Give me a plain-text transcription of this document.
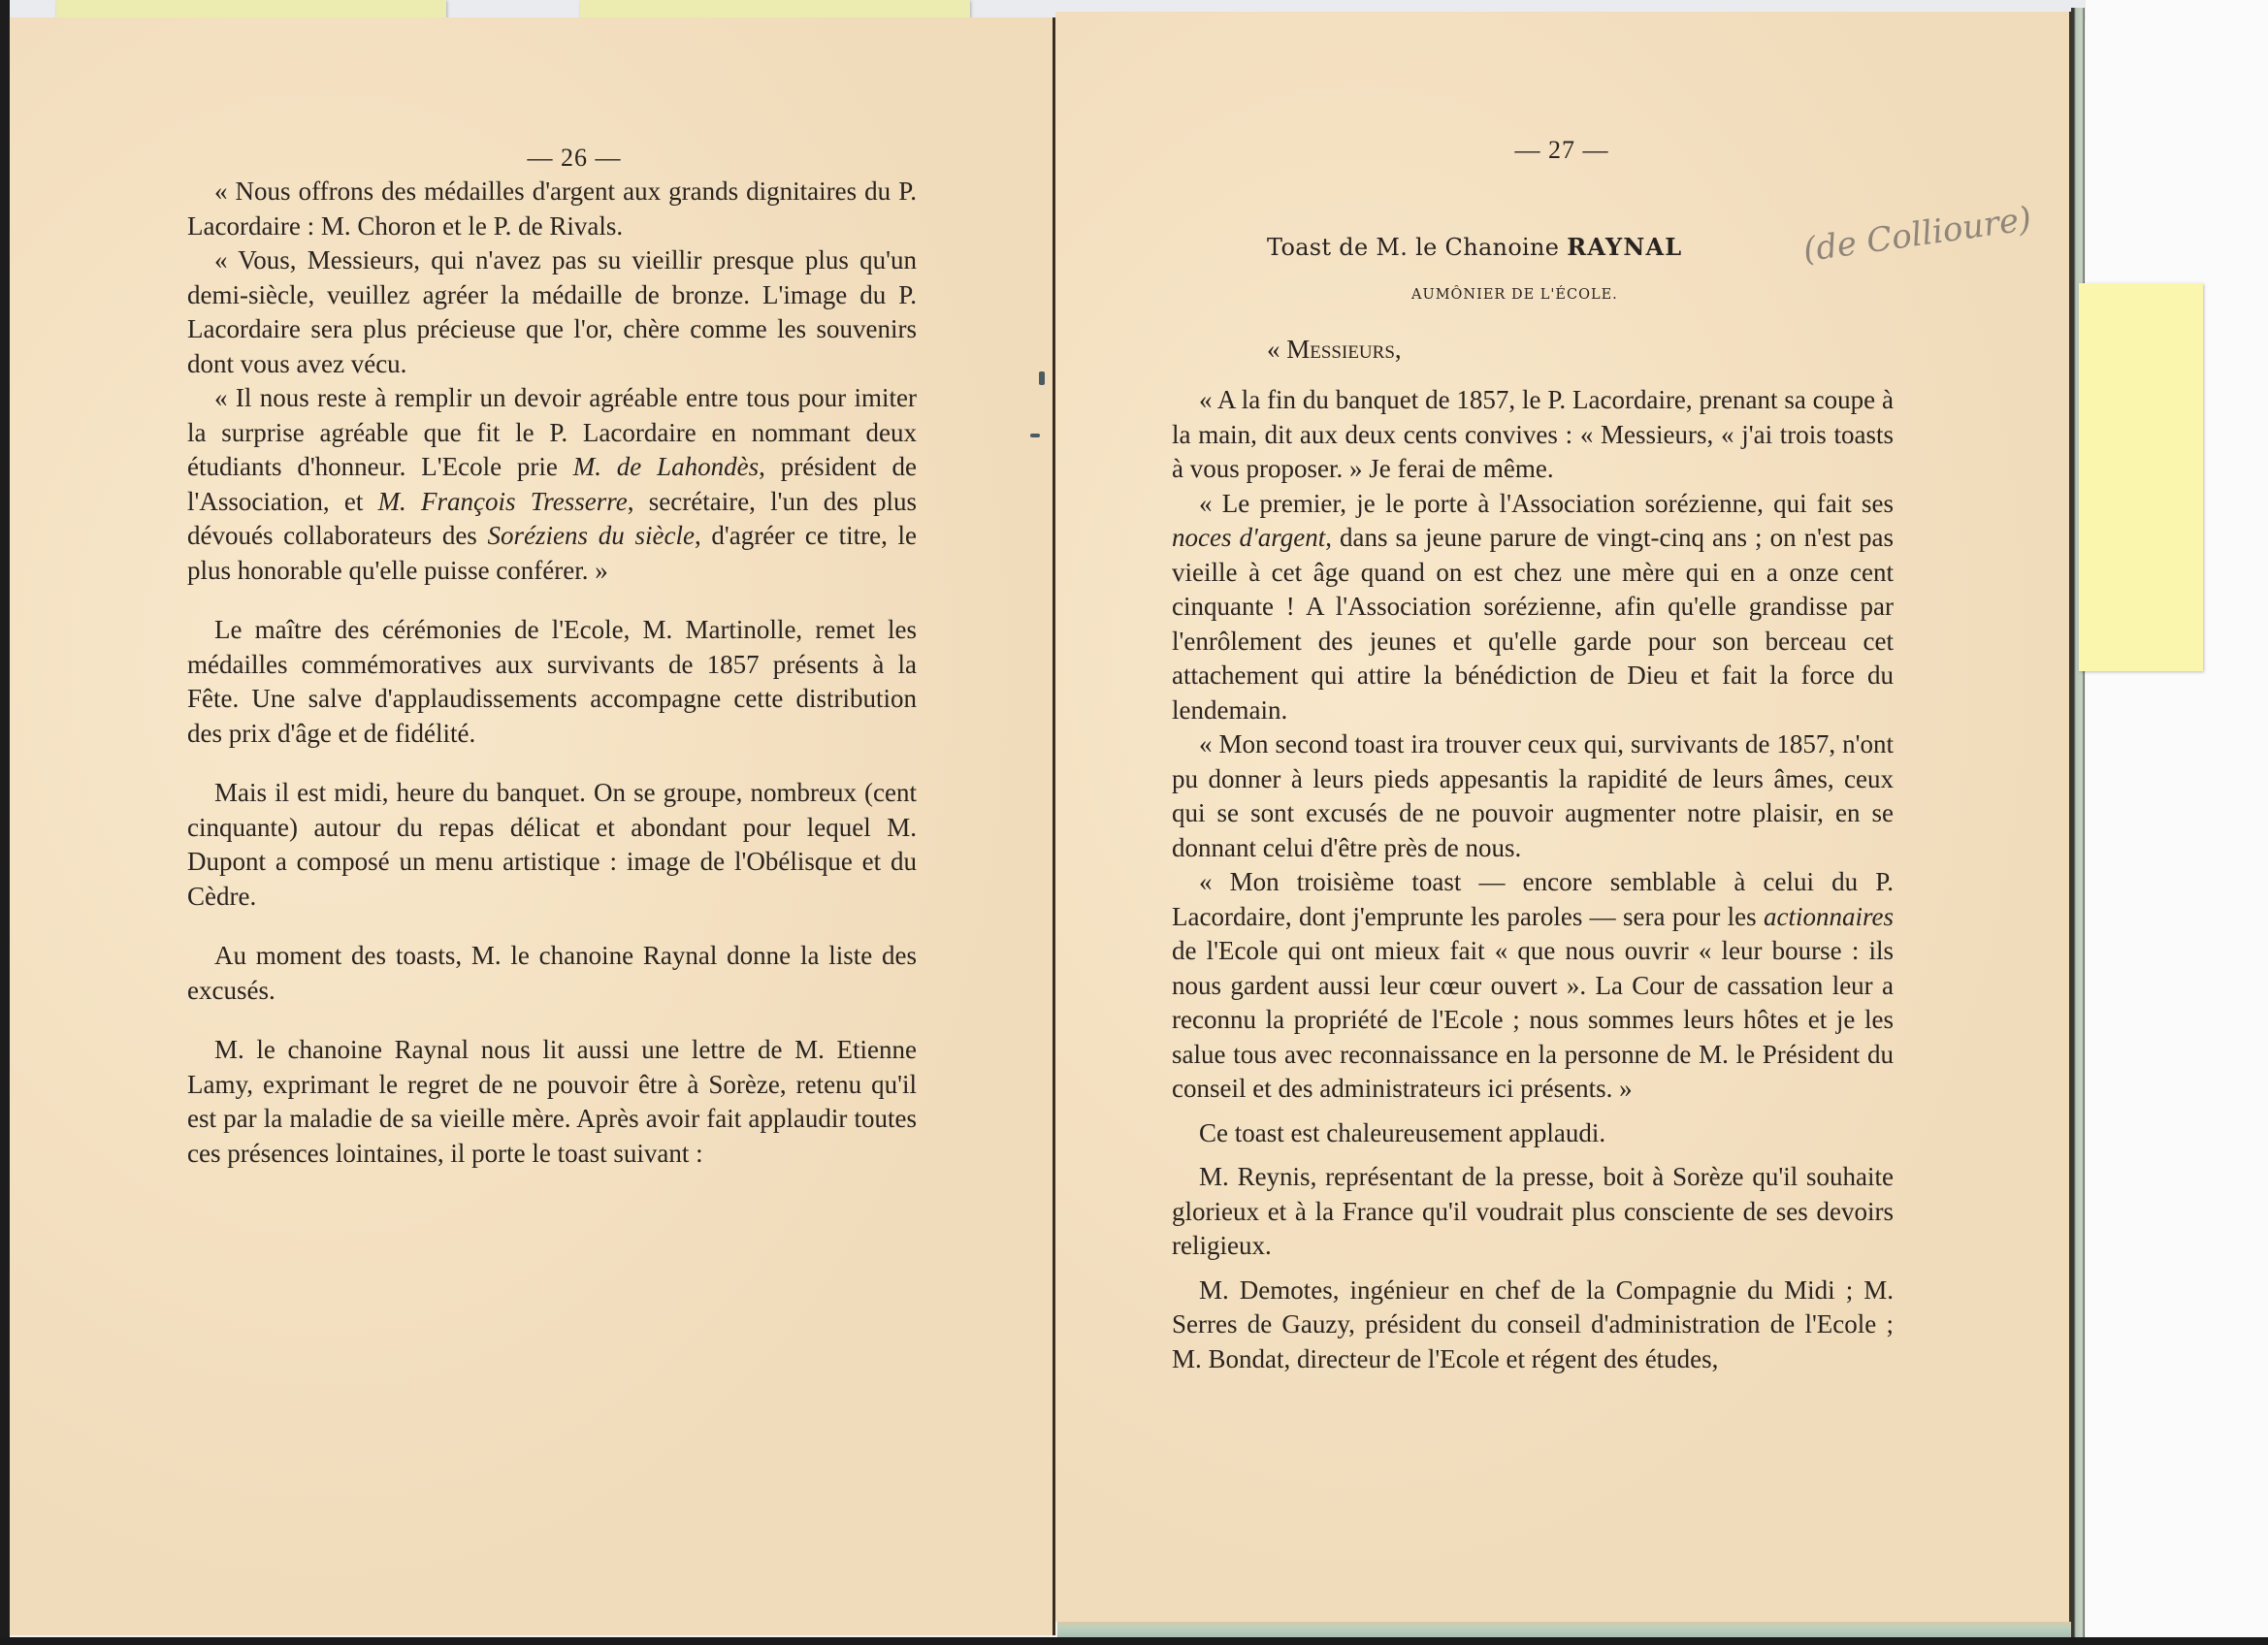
— 26 —	— 27 —

« Nous offrons des médailles d'argent aux grands dignitaires du P. Lacordaire : M. Choron et le P. de Rivals.

« Vous, Messieurs, qui n'avez pas su vieillir presque plus qu'un demi-siècle, veuillez agréer la médaille de bronze. L'image du P. Lacordaire sera plus précieuse que l'or, chère comme les souvenirs dont vous avez vécu.

« Il nous reste à remplir un devoir agréable entre tous pour imiter la surprise agréable que fit le P. Lacordaire en nommant deux étudiants d'honneur. L'Ecole prie M. de Lahondès, président de l'Association, et M. François Tresserre, secrétaire, l'un des plus dévoués collaborateurs des Soréziens du siècle, d'agréer ce titre, le plus honorable qu'elle puisse conférer. »

Le maître des cérémonies de l'Ecole, M. Martinolle, remet les médailles commémoratives aux survivants de 1857 présents à la Fête. Une salve d'applaudissements accompagne cette distribution des prix d'âge et de fidélité.

Mais il est midi, heure du banquet. On se groupe, nombreux (cent cinquante) autour du repas délicat et abondant pour lequel M. Dupont a composé un menu artistique : image de l'Obélisque et du Cèdre.

Au moment des toasts, M. le chanoine Raynal donne la liste des excusés.

M. le chanoine Raynal nous lit aussi une lettre de M. Etienne Lamy, exprimant le regret de ne pouvoir être à Sorèze, retenu qu'il est par la maladie de sa vieille mère. Après avoir fait applaudir toutes ces présences lointaines, il porte le toast suivant :

Toast de M. le Chanoine RAYNAL	(de Collioure)
AUMÔNIER DE L'ÉCOLE.
« Messieurs,

« A la fin du banquet de 1857, le P. Lacordaire, prenant sa coupe à la main, dit aux deux cents convives : « Messieurs, « j'ai trois toasts à vous proposer. » Je ferai de même.

« Le premier, je le porte à l'Association sorézienne, qui fait ses noces d'argent, dans sa jeune parure de vingt-cinq ans ; on n'est pas vieille à cet âge quand on est chez une mère qui en a onze cent cinquante ! A l'Association sorézienne, afin qu'elle grandisse par l'enrôlement des jeunes et qu'elle garde pour son berceau cet attachement qui attire la bénédiction de Dieu et fait la force du lendemain.

« Mon second toast ira trouver ceux qui, survivants de 1857, n'ont pu donner à leurs pieds appesantis la rapidité de leurs âmes, ceux qui se sont excusés de ne pouvoir augmenter notre plaisir, en se donnant celui d'être près de nous.

« Mon troisième toast — encore semblable à celui du P. Lacordaire, dont j'emprunte les paroles — sera pour les actionnaires de l'Ecole qui ont mieux fait « que nous ouvrir « leur bourse : ils nous gardent aussi leur cœur ouvert ». La Cour de cassation leur a reconnu la propriété de l'Ecole ; nous sommes leurs hôtes et je les salue tous avec reconnaissance en la personne de M. le Président du conseil et des administrateurs ici présents. »

Ce toast est chaleureusement applaudi.

M. Reynis, représentant de la presse, boit à Sorèze qu'il souhaite glorieux et à la France qu'il voudrait plus consciente de ses devoirs religieux.

M. Demotes, ingénieur en chef de la Compagnie du Midi ; M. Serres de Gauzy, président du conseil d'administration de l'Ecole ; M. Bondat, directeur de l'Ecole et régent des études,
